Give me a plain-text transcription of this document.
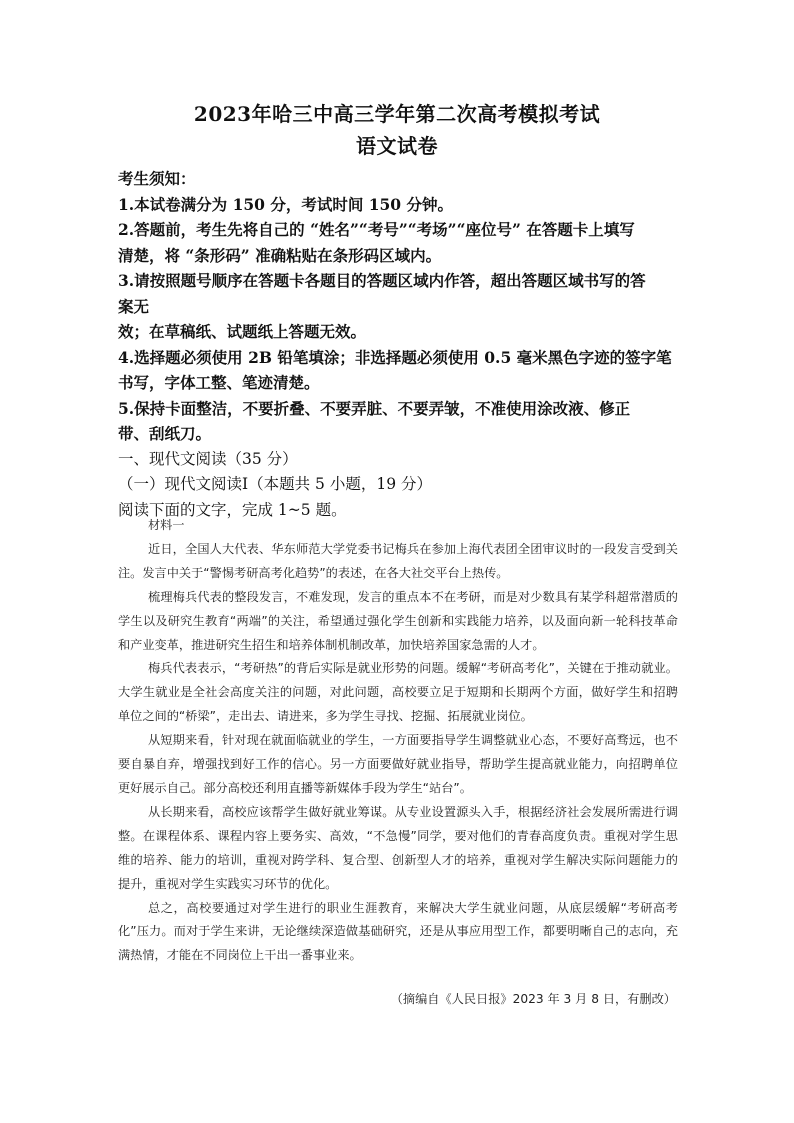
2023年哈三中高三学年第二次高考模拟考试
语文试卷
考生须知：
1.本试卷满分为 150 分，考试时间 150 分钟。
2.答题前，考生先将自己的 “姓名”“考号”“考场”“座位号” 在答题卡上填写
清楚，将 “条形码” 准确粘贴在条形码区域内。
3.请按照题号顺序在答题卡各题目的答题区域内作答，超出答题区域书写的答
案无
效；在草稿纸、试题纸上答题无效。
4.选择题必须使用 2B 铅笔填涂；非选择题必须使用 0.5 毫米黑色字迹的签字笔
书写，字体工整、笔迹清楚。
5.保持卡面整洁，不要折叠、不要弄脏、不要弄皱，不准使用涂改液、修正
带、刮纸刀。
一、现代文阅读（35 分）
（一）现代文阅读Ⅰ（本题共 5 小题，19 分）
阅读下面的文字，完成 1~5 题。
材料一

近日，全国人大代表、华东师范大学党委书记梅兵在参加上海代表团全团审议时的一段发言受到关注。发言中关于“警惕考研高考化趋势”的表述，在各大社交平台上热传。

梳理梅兵代表的整段发言，不难发现，发言的重点本不在考研，而是对少数具有某学科超常潜质的学生以及研究生教育“两端”的关注，希望通过强化学生创新和实践能力培养，以及面向新一轮科技革命和产业变革，推进研究生招生和培养体制机制改革，加快培养国家急需的人才。

梅兵代表表示，“考研热”的背后实际是就业形势的问题。缓解“考研高考化”，关键在于推动就业。大学生就业是全社会高度关注的问题，对此问题，高校要立足于短期和长期两个方面，做好学生和招聘单位之间的“桥梁”，走出去、请进来，多为学生寻找、挖掘、拓展就业岗位。

从短期来看，针对现在就面临就业的学生，一方面要指导学生调整就业心态，不要好高骛远，也不要自暴自弃，增强找到好工作的信心。另一方面要做好就业指导，帮助学生提高就业能力，向招聘单位更好展示自己。部分高校还利用直播等新媒体手段为学生“站台”。

从长期来看，高校应该帮学生做好就业筹谋。从专业设置源头入手，根据经济社会发展所需进行调整。在课程体系、课程内容上要务实、高效，“不急慢”同学，要对他们的青春高度负责。重视对学生思维的培养、能力的培训，重视对跨学科、复合型、创新型人才的培养，重视对学生解决实际问题能力的提升，重视对学生实践实习环节的优化。

总之，高校要通过对学生进行的职业生涯教育，来解决大学生就业问题，从底层缓解“考研高考化”压力。而对于学生来讲，无论继续深造做基础研究，还是从事应用型工作，都要明晰自己的志向，充满热情，才能在不同岗位上干出一番事业来。

（摘编自《人民日报》2023 年 3 月 8 日，有删改）
